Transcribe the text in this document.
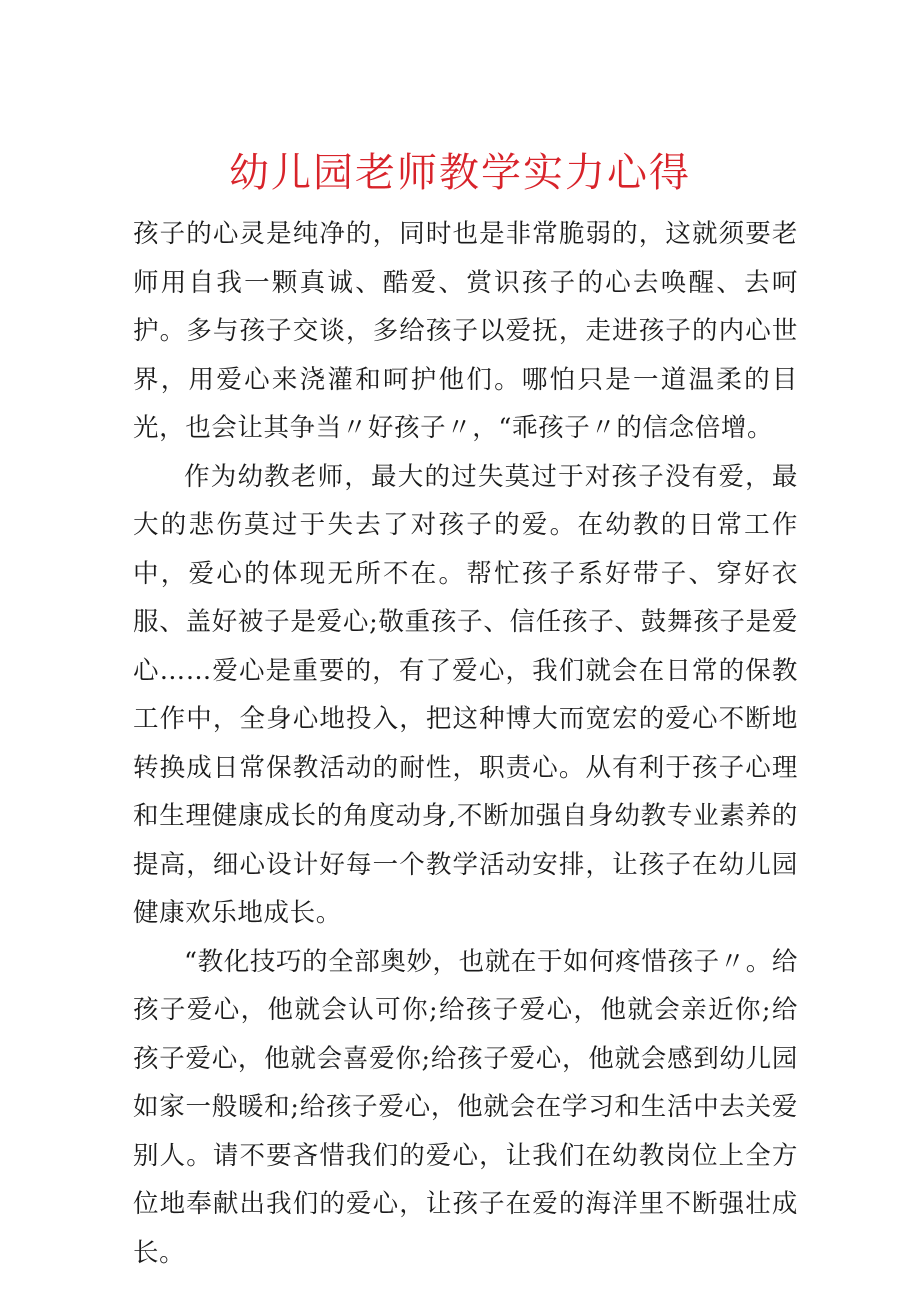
幼儿园老师教学实力心得

孩子的心灵是纯净的，同时也是非常脆弱的，这就须要老师用自我一颗真诚、酷爱、赏识孩子的心去唤醒、去呵护。多与孩子交谈，多给孩子以爱抚，走进孩子的内心世界，用爱心来浇灌和呵护他们。哪怕只是一道温柔的目光，也会让其争当〃好孩子〃，“乖孩子〃的信念倍增。

作为幼教老师，最大的过失莫过于对孩子没有爱，最大的悲伤莫过于失去了对孩子的爱。在幼教的日常工作中，爱心的体现无所不在。帮忙孩子系好带子、穿好衣服、盖好被子是爱心;敬重孩子、信任孩子、鼓舞孩子是爱心……爱心是重要的，有了爱心，我们就会在日常的保教工作中，全身心地投入，把这种博大而宽宏的爱心不断地转换成日常保教活动的耐性，职责心。从有利于孩子心理和生理健康成长的角度动身,不断加强自身幼教专业素养的提高，细心设计好每一个教学活动安排，让孩子在幼儿园健康欢乐地成长。

“教化技巧的全部奥妙，也就在于如何疼惜孩子〃。给孩子爱心，他就会认可你;给孩子爱心，他就会亲近你;给孩子爱心，他就会喜爱你;给孩子爱心，他就会感到幼儿园如家一般暖和;给孩子爱心，他就会在学习和生活中去关爱别人。请不要吝惜我们的爱心，让我们在幼教岗位上全方位地奉献出我们的爱心，让孩子在爱的海洋里不断强壮成长。
